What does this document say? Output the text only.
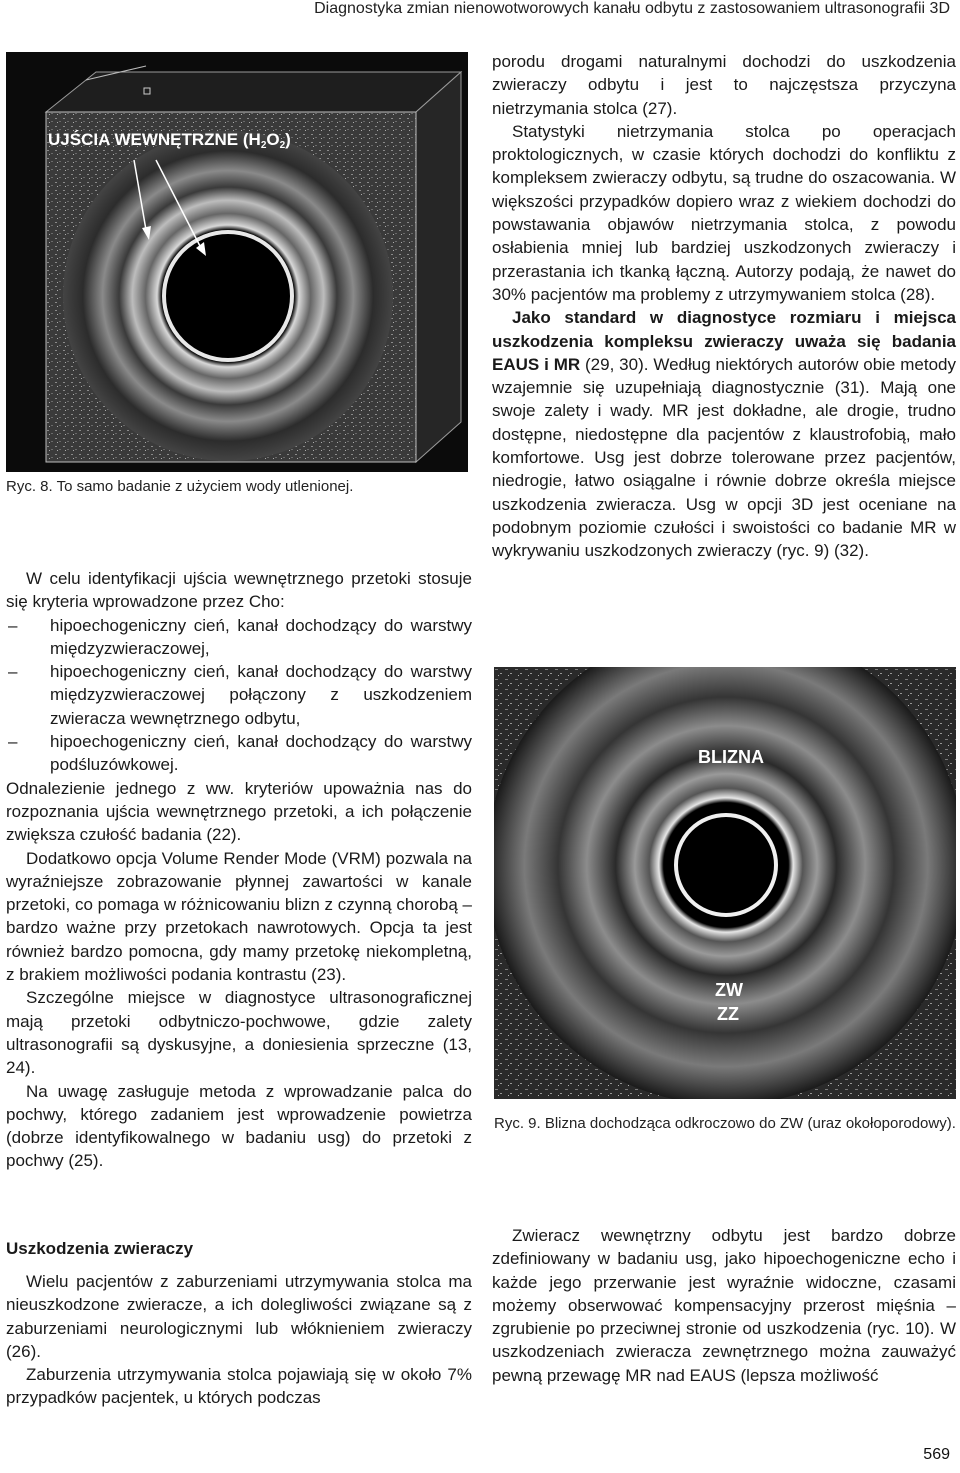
Diagnostyka zmian nienowotworowych kanału odbytu z zastosowaniem ultrasonografii 3D
UJŚCIA WEWNĘTRZNE $(H_2O_2)$
Ryc. 8. To samo badanie z użyciem wody utlenionej.

W celu identyfikacji ujścia wewnętrznego przetoki stosuje się kryteria wprowadzone przez Cho:

–	hipoechogeniczny cień, kanał dochodzący do warstwy międzyzwieraczowej,
–	hipoechogeniczny cień, kanał dochodzący do warstwy międzyzwieraczowej połączony z uszkodzeniem zwieracza wewnętrznego odbytu,
–	hipoechogeniczny cień, kanał dochodzący do warstwy podśluzówkowej.

Odnalezienie jednego z ww. kryteriów upoważnia nas do rozpoznania ujścia wewnętrznego przetoki, a ich połączenie zwiększa czułość badania (22).

Dodatkowo opcja Volume Render Mode (VRM) pozwala na wyraźniejsze zobrazowanie płynnej zawartości w kanale przetoki, co pomaga w różnicowaniu blizn z czynną chorobą – bardzo ważne przy przetokach nawrotowych. Opcja ta jest również bardzo pomocna, gdy mamy przetokę niekompletną, z brakiem możliwości podania kontrastu (23).

Szczególne miejsce w diagnostyce ultrasonograficznej mają przetoki odbytniczo-pochwowe, gdzie zalety ultrasonografii są dyskusyjne, a doniesienia sprzeczne (13, 24).

Na uwagę zasługuje metoda z wprowadzanie palca do pochwy, którego zadaniem jest wprowadzenie powietrza (dobrze identyfikowalnego w badaniu usg) do przetoki z pochwy (25).

Uszkodzenia zwieraczy

Wielu pacjentów z zaburzeniami utrzymywania stolca ma nieuszkodzone zwieracze, a ich dolegliwości związane są z zaburzeniami neurologicznymi lub włóknieniem zwieraczy (26).

Zaburzenia utrzymywania stolca pojawiają się w około 7% przypadków pacjentek, u których podczas

porodu drogami naturalnymi dochodzi do uszkodzenia zwieraczy odbytu i jest to najczęstsza przyczyna nietrzymania stolca (27).

Statystyki nietrzymania stolca po operacjach proktologicznych, w czasie których dochodzi do konfliktu z kompleksem zwieraczy odbytu, są trudne do oszacowania. W większości przypadków dopiero wraz z wiekiem dochodzi do powstawania objawów nietrzymania stolca, z powodu osłabienia mniej lub bardziej uszkodzonych zwieraczy i przerastania ich tkanką łączną. Autorzy podają, że nawet do 30% pacjentów ma problemy z utrzymywaniem stolca (28).

Jako standard w diagnostyce rozmiaru i miejsca uszkodzenia kompleksu zwieraczy uważa się badania EAUS i MR (29, 30). Według niektórych autorów obie metody wzajemnie się uzupełniają diagnostycznie (31). Mają one swoje zalety i wady. MR jest dokładne, ale drogie, trudno dostępne, niedostępne dla pacjentów z klaustrofobią, mało komfortowe. Usg jest dobrze tolerowane przez pacjentów, niedrogie, łatwo osiągalne i równie dobrze określa miejsce uszkodzenia zwieracza. Usg w opcji 3D jest oceniane na podobnym poziomie czułości i swoistości co badanie MR w wykrywaniu uszkodzonych zwieraczy (ryc. 9) (32).

BLIZNA
ZW
ZZ
Ryc. 9. Blizna dochodząca odkroczowo do ZW (uraz okołoporodowy).

Zwieracz wewnętrzny odbytu jest bardzo dobrze zdefiniowany w badaniu usg, jako hipoechogeniczne echo i każde jego przerwanie jest wyraźnie widoczne, czasami możemy obserwować kompensacyjny przerost mięśnia – zgrubienie po przeciwnej stronie od uszkodzenia (ryc. 10). W uszkodzeniach zwieracza zewnętrznego można zauważyć pewną przewagę MR nad EAUS (lepsza możliwość

569
